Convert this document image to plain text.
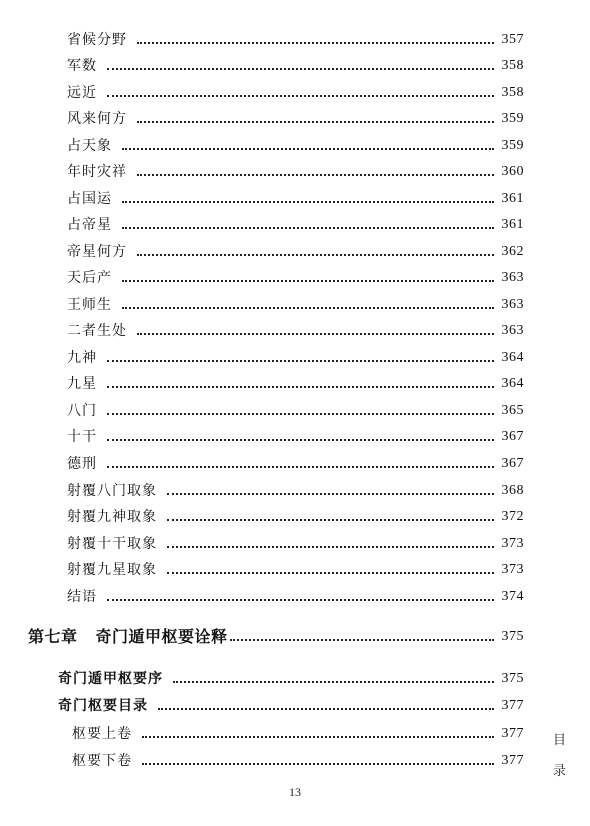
省候分野	357
军数	358
远近	358
风来何方	359
占天象	359
年时灾祥	360
占国运	361
占帝星	361
帝星何方	362
天后产	363
王师生	363
二者生处	363
九神	364
九星	364
八门	365
十干	367
德刑	367
射覆八门取象	368
射覆九神取象	372
射覆十干取象	373
射覆九星取象	373
结语	374
第七章 奇门遁甲枢要诠释	375
奇门遁甲枢要序	375
奇门枢要目录	377
枢要上卷	377
枢要下卷	377
目
录
13
